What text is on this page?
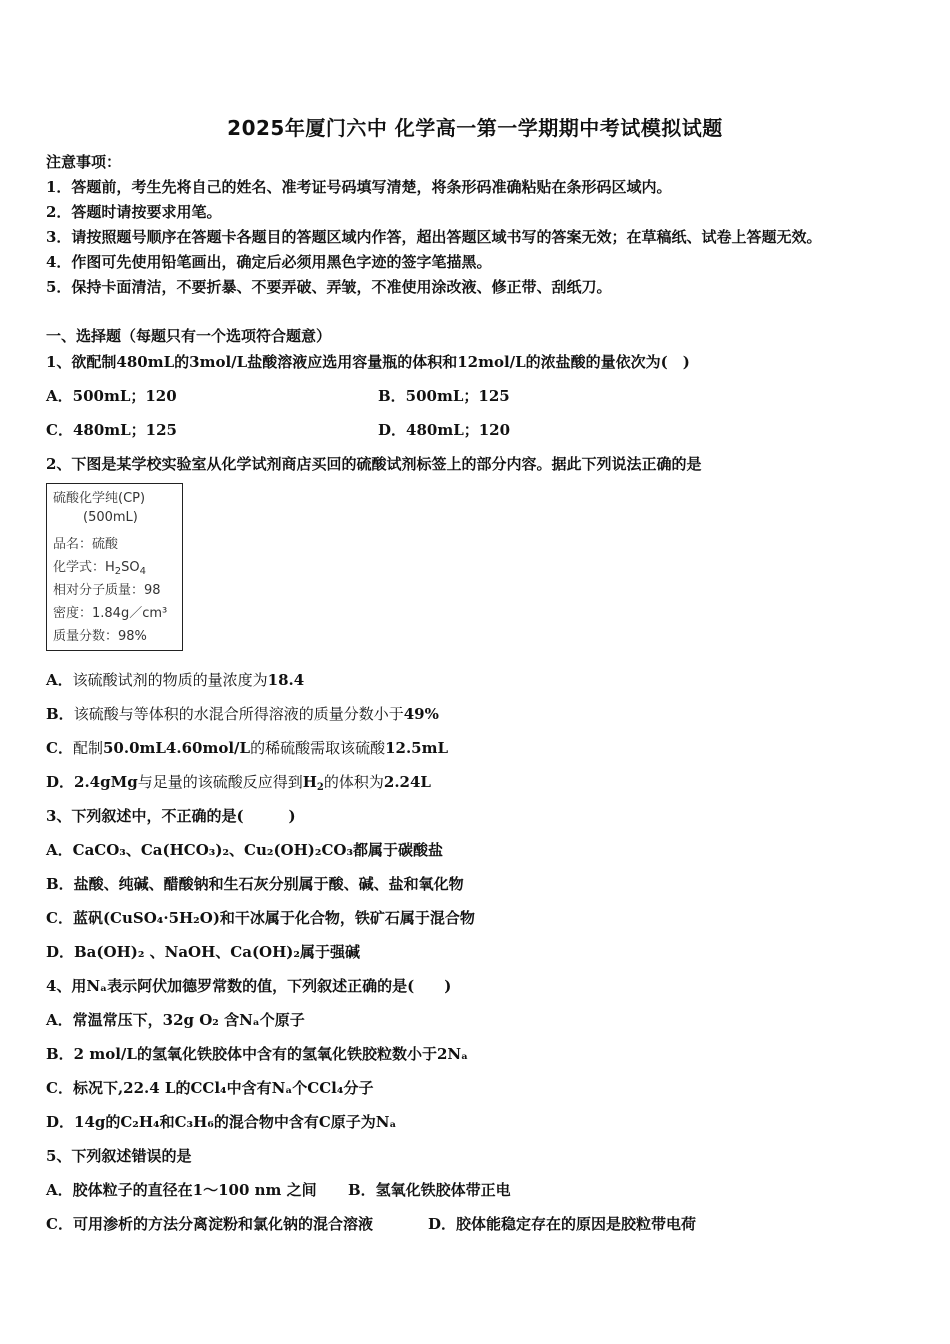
2025年厦门六中 化学高一第一学期期中考试模拟试题
注意事项：
1．答题前，考生先将自己的姓名、准考证号码填写清楚，将条形码准确粘贴在条形码区域内。
2．答题时请按要求用笔。
3．请按照题号顺序在答题卡各题目的答题区域内作答，超出答题区域书写的答案无效；在草稿纸、试卷上答题无效。
4．作图可先使用铅笔画出，确定后必须用黑色字迹的签字笔描黑。
5．保持卡面清洁，不要折暴、不要弄破、弄皱，不准使用涂改液、修正带、刮纸刀。
一、选择题（每题只有一个选项符合题意）
1、欲配制480mL的3mol/L盐酸溶液应选用容量瓶的体积和12mol/L的浓盐酸的量依次为(　)
A．500mL；120	B．500mL；125
C．480mL；125	D．480mL；120
2、下图是某学校实验室从化学试剂商店买回的硫酸试剂标签上的部分内容。据此下列说法正确的是
硫酸化学纯(CP)
(500mL)
品名：硫酸
化学式：$H_2SO_4$
相对分子质量：98
密度：1.84g／cm³
质量分数：98%
A．该硫酸试剂的物质的量浓度为18.4
B．该硫酸与等体积的水混合所得溶液的质量分数小于49%
C．配制50.0mL4.60mol/L的稀硫酸需取该硫酸12.5mL
D．2.4gMg与足量的该硫酸反应得到$H_2$的体积为2.24L
3、下列叙述中，不正确的是(　　　)
A．CaCO₃、Ca(HCO₃)₂、Cu₂(OH)₂CO₃都属于碳酸盐
B．盐酸、纯碱、醋酸钠和生石灰分别属于酸、碱、盐和氧化物
C．蓝矾(CuSO₄·5H₂O)和干冰属于化合物，铁矿石属于混合物
D．Ba(OH)₂ 、NaOH、Ca(OH)₂属于强碱
4、用Nₐ表示阿伏加德罗常数的值，下列叙述正确的是(　　)
A．常温常压下，32g O₂ 含Nₐ个原子
B．2 mol/L的氢氧化铁胶体中含有的氢氧化铁胶粒数小于2Nₐ
C．标况下,22.4 L的CCl₄中含有Nₐ个CCl₄分子
D．14g的C₂H₄和C₃H₆的混合物中含有C原子为Nₐ
5、下列叙述错误的是
A．胶体粒子的直径在1～100 nm 之间 B．氢氧化铁胶体带正电
C．可用渗析的方法分离淀粉和氯化钠的混合溶液	D．胶体能稳定存在的原因是胶粒带电荷
